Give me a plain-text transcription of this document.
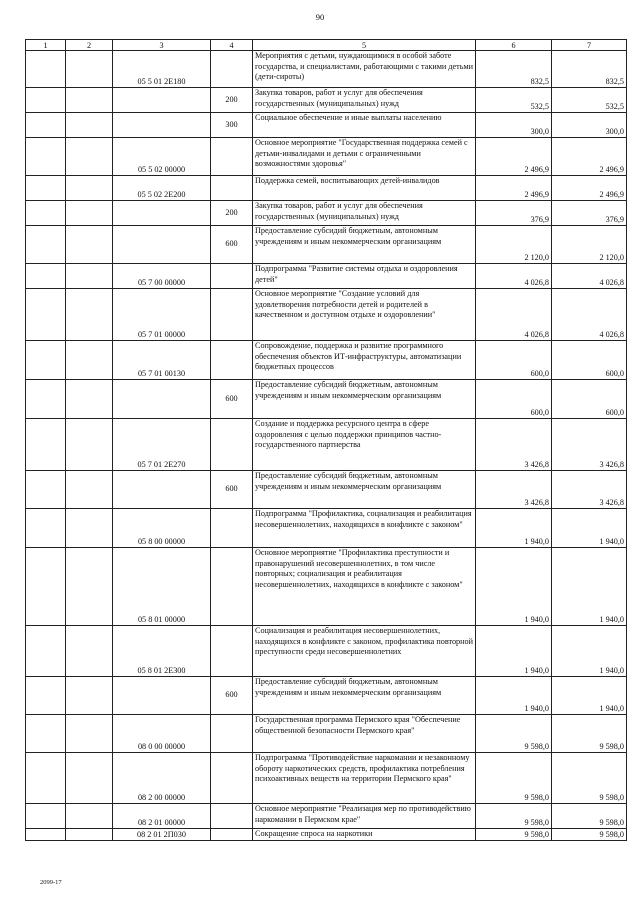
90
1	2	3	4	5	6	7
		05 5 01 2Е180		Мероприятия с детьми, нуждающимися в особой заботе государства, и специалистами, работающими с такими детьми (дети-сироты)	832,5	832,5
			200	Закупка товаров, работ и услуг для обеспечения государственных (муниципальных) нужд	532,5	532,5
			300	Социальное обеспечение и иные выплаты населению	300,0	300,0
		05 5 02 00000		Основное мероприятие "Государственная поддержка семей с детьми-инвалидами и детьми с ограниченными возможностями здоровья"	2 496,9	2 496,9
		05 5 02 2Е200		Поддержка семей, воспитывающих детей-инвалидов	2 496,9	2 496,9
			200	Закупка товаров, работ и услуг для обеспечения государственных (муниципальных) нужд	376,9	376,9
			600	Предоставление субсидий бюджетным, автономным учреждениям и иным некоммерческим организациям	2 120,0	2 120,0
		05 7 00 00000		Подпрограмма "Развитие системы отдыха и оздоровления детей"	4 026,8	4 026,8
		05 7 01 00000		Основное мероприятие "Создание условий для удовлетворения потребности детей и родителей в качественном и доступном отдыхе и оздоровлении"	4 026,8	4 026,8
		05 7 01 00130		Сопровождение, поддержка и развитие программного обеспечения объектов ИТ-инфраструктуры, автоматизации бюджетных процессов	600,0	600,0
			600	Предоставление субсидий бюджетным, автономным учреждениям и иным некоммерческим организациям	600,0	600,0
		05 7 01 2Е270		Создание и поддержка ресурсного центра в сфере оздоровления с целью поддержки принципов частно-государственного партнерства	3 426,8	3 426,8
			600	Предоставление субсидий бюджетным, автономным учреждениям и иным некоммерческим организациям	3 426,8	3 426,8
		05 8 00 00000		Подпрограмма "Профилактика, социализация и реабилитация несовершеннолетних, находящихся в конфликте с законом"	1 940,0	1 940,0
		05 8 01 00000		Основное мероприятие "Профилактика преступности и правонарушений несовершеннолетних, в том числе повторных; социализация и реабилитация несовершеннолетних, находящихся в конфликте с законом"	1 940,0	1 940,0
		05 8 01 2Е300		Социализация и реабилитация несовершеннолетних, находящихся в конфликте с законом, профилактика повторной преступности среди несовершеннолетних	1 940,0	1 940,0
			600	Предоставление субсидий бюджетным, автономным учреждениям и иным некоммерческим организациям	1 940,0	1 940,0
		08 0 00 00000		Государственная программа Пермского края "Обеспечение общественной безопасности Пермского края"	9 598,0	9 598,0
		08 2 00 00000		Подпрограмма "Противодействие наркомании и незаконному обороту наркотических средств, профилактика потребления психоактивных веществ на территории Пермского края"	9 598,0	9 598,0
		08 2 01 00000		Основное мероприятие "Реализация мер по противодействию наркомании в Пермском крае"	9 598,0	9 598,0
		08 2 01 2П030		Сокращение спроса на наркотики	9 598,0	9 598,0
2099-17
